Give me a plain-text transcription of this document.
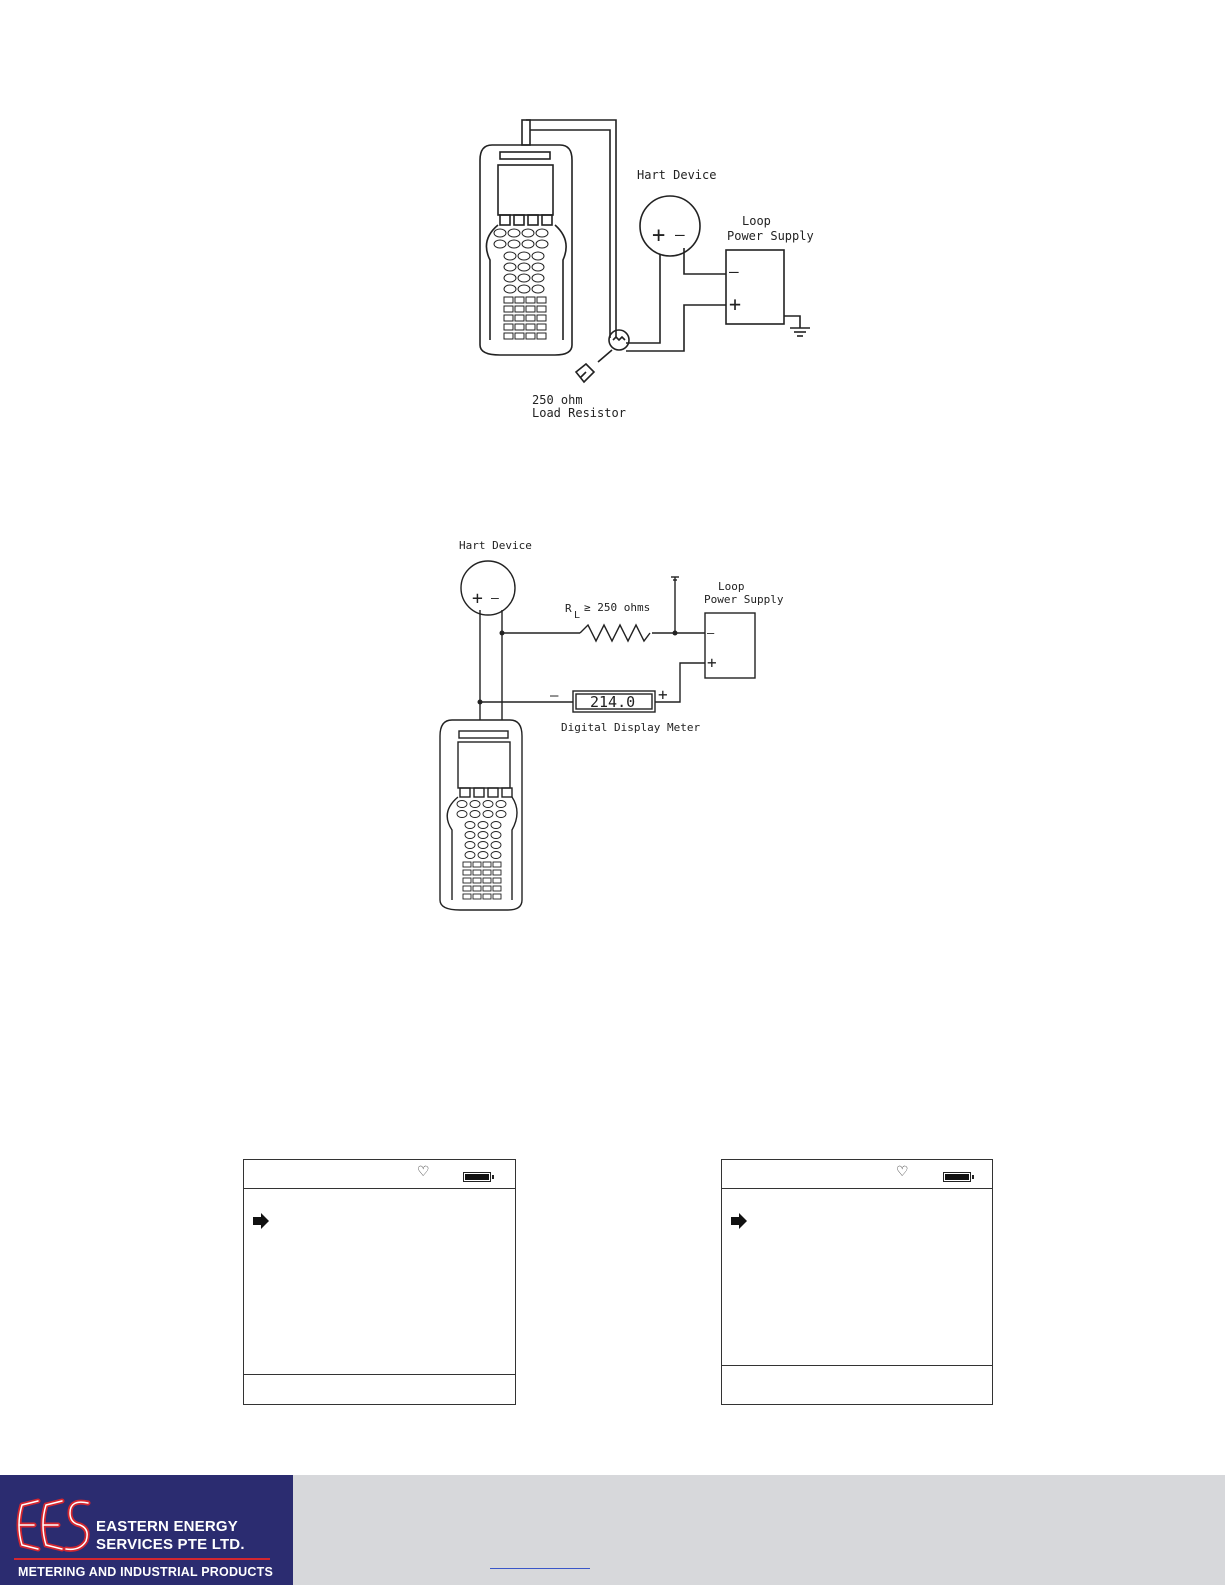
Hart Device
+ —
Loop
Power Supply
—
+
250 ohm
Load Resistor
Hart Device
+ —
R
L
≥ 250 ohms
Loop
Power Supply
—
+
214.0
—	+
Digital Display Meter
♡	♡
EASTERN ENERGY
SERVICES PTE LTD.
METERING AND INDUSTRIAL PRODUCTS
